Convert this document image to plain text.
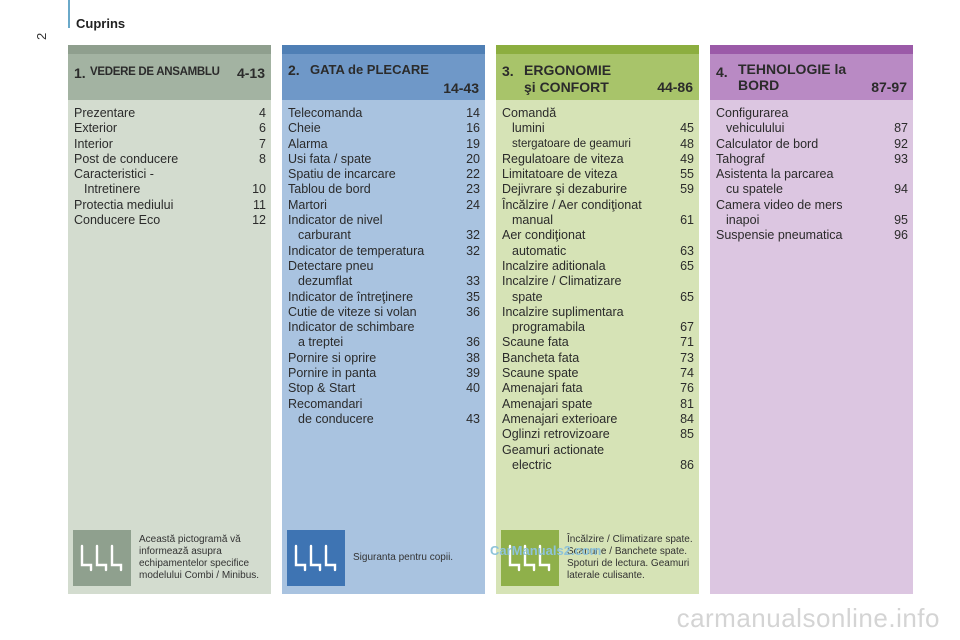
2
Cuprins
1. VEDERE DE ANSAMBLU 4-13
Prezentare	4
Exterior	6
Interior	7
Post de conducere	8
Caracteristici -
Intretinere	10
Protectia mediului	11
Conducere Eco	12
Această pictogramă vă informează asupra echipamentelor specifice modelului Combi / Minibus.
2. GATA de PLECARE
14-43
Telecomanda	14
Cheie	16
Alarma	19
Usi fata / spate	20
Spatiu de incarcare	22
Tablou de bord	23
Martori	24
Indicator de nivel
carburant	32
Indicator de temperatura	32
Detectare pneu
dezumflat	33
Indicator de întreţinere	35
Cutie de viteze si volan	36
Indicator de schimbare
a treptei	36
Pornire si oprire	38
Pornire in panta	39
Stop & Start	40
Recomandari
de conducere	43
Siguranta pentru copii.
3. ERGONOMIE
şi CONFORT	44-86
Comandă
lumini	45
stergatoare de geamuri	48
Regulatoare de viteza	49
Limitatoare de viteza	55
Dejivrare şi dezaburire	59
Încălzire / Aer condiţionat
manual	61
Aer condiţionat
automatic	63
Incalzire aditionala	65
Incalzire / Climatizare
spate	65
Incalzire suplimentara
programabila	67
Scaune fata	71
Bancheta fata	73
Scaune spate	74
Amenajari fata	76
Amenajari spate	81
Amenajari exterioare	84
Oglinzi retrovizoare	85
Geamuri actionate
electric	86
Încălzire / Climatizare spate. Scanune / Banchete spate. Spoturi de lectura. Geamuri laterale culisante.
4. TEHNOLOGIE la
BORD	87-97
Configurarea
vehiculului	87
Calculator de bord	92
Tahograf	93
Asistenta la parcarea
cu spatele	94
Camera video de mers
inapoi	95
Suspensie pneumatica	96
CarManuals2.com
carmanualsonline.info
